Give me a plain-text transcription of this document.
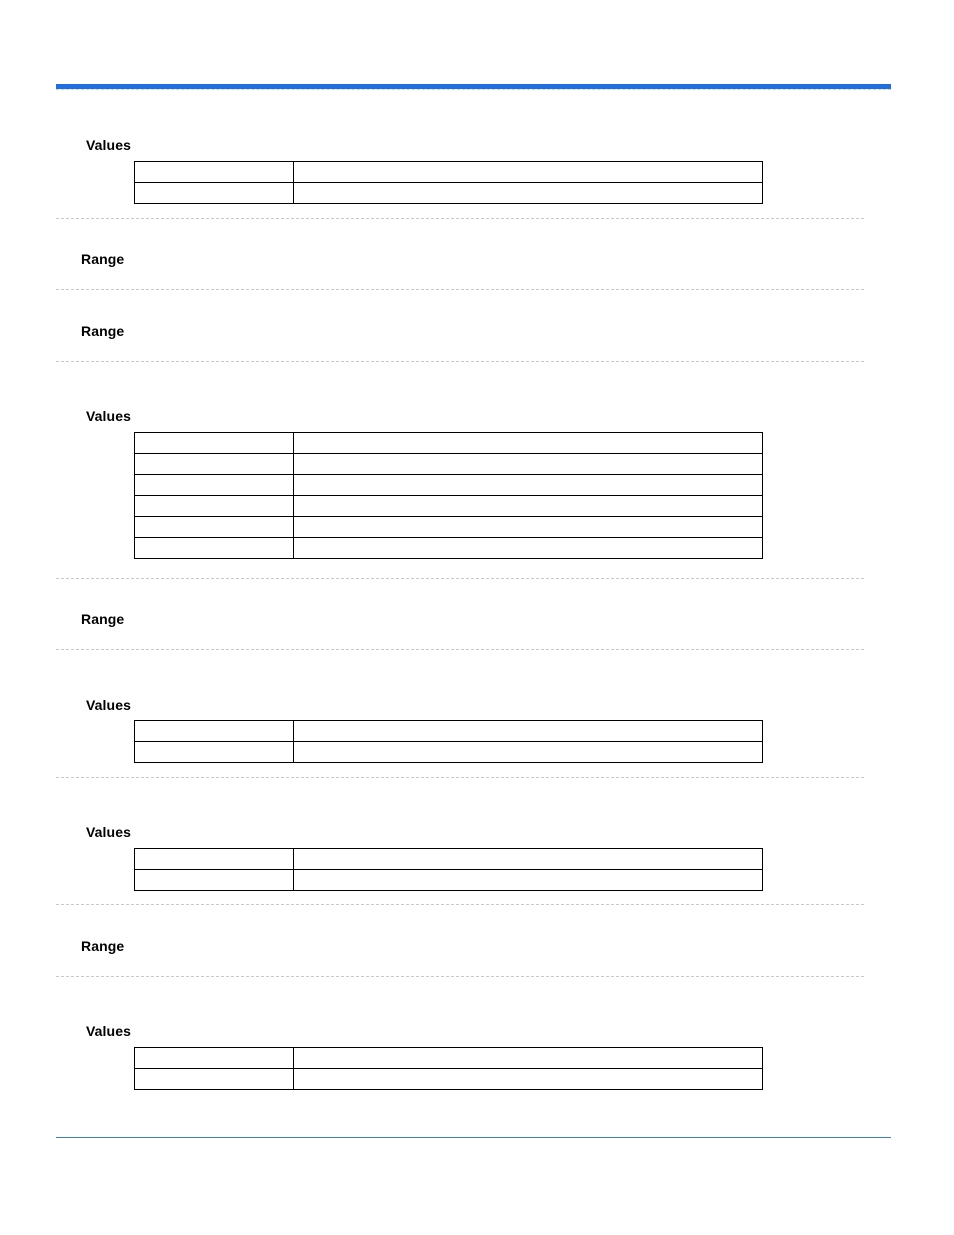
Values

Range
Range
Values

Range
Values

Values

Range
Values
